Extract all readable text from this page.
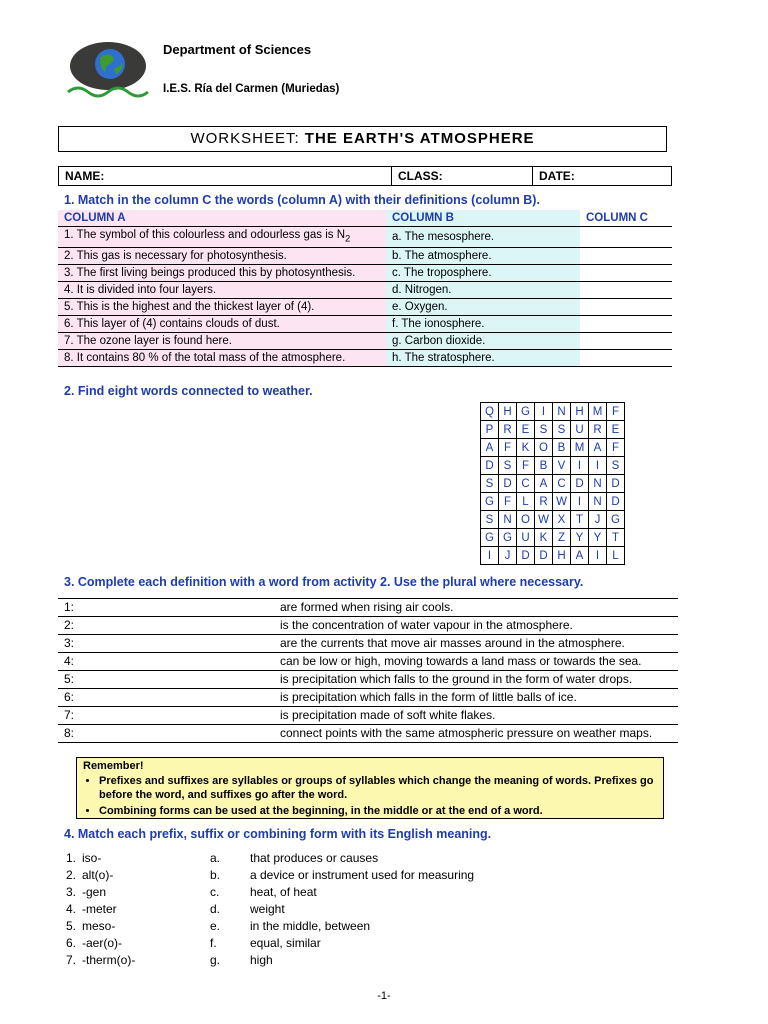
Department of Sciences
I.E.S. Ría del Carmen (Muriedas)
WORKSHEET: THE EARTH'S ATMOSPHERE
NAME:	CLASS:	DATE:
1. Match in the column C the words (column A) with their definitions (column B).
COLUMN A	COLUMN B	COLUMN C
1. The symbol of this colourless and odourless gas is $N_2$	a. The mesosphere.	
2. This gas is necessary for photosynthesis.	b. The atmosphere.	
3. The first living beings produced this by photosynthesis.	c. The troposphere.	
4. It is divided into four layers.	d. Nitrogen.	
5. This is the highest and the thickest layer of (4).	e. Oxygen.	
6. This layer of (4) contains clouds of dust.	f. The ionosphere.	
7. The ozone layer is found here.	g. Carbon dioxide.	
8. It contains 80 % of the total mass of the atmosphere.	h. The stratosphere.	
2. Find eight words connected to weather.
Q	H	G	I	N	H	M	F
P	R	E	S	S	U	R	E
A	F	K	O	B	M	A	F
D	S	F	B	V	I	I	S
S	D	C	A	C	D	N	D
G	F	L	R	W	I	N	D
S	N	O	W	X	T	J	G
G	G	U	K	Z	Y	Y	T
I	J	D	D	H	A	I	L
3. Complete each definition with a word from activity 2. Use the plural where necessary.
1:	are formed when rising air cools.
2:	is the concentration of water vapour in the atmosphere.
3:	are the currents that move air masses around in the atmosphere.
4:	can be low or high, moving towards a land mass or towards the sea.
5:	is precipitation which falls to the ground in the form of water drops.
6:	is precipitation which falls in the form of little balls of ice.
7:	is precipitation made of soft white flakes.
8:	connect points with the same atmospheric pressure on weather maps.
Remember!
• Prefixes and suffixes are syllables or groups of syllables which change the meaning of words. Prefixes go before the word, and suffixes go after the word.
• Combining forms can be used at the beginning, in the middle or at the end of a word.
4. Match each prefix, suffix or combining form with its English meaning.
1. iso-	a. that produces or causes
2. alt(o)-	b. a device or instrument used for measuring
3. -gen	c.	heat, of heat
4. -meter	d. weight
5. meso-	e. in the middle, between
6. -aer(o)-	f.	equal, similar
7. -therm(o)-	g. high
-1-
